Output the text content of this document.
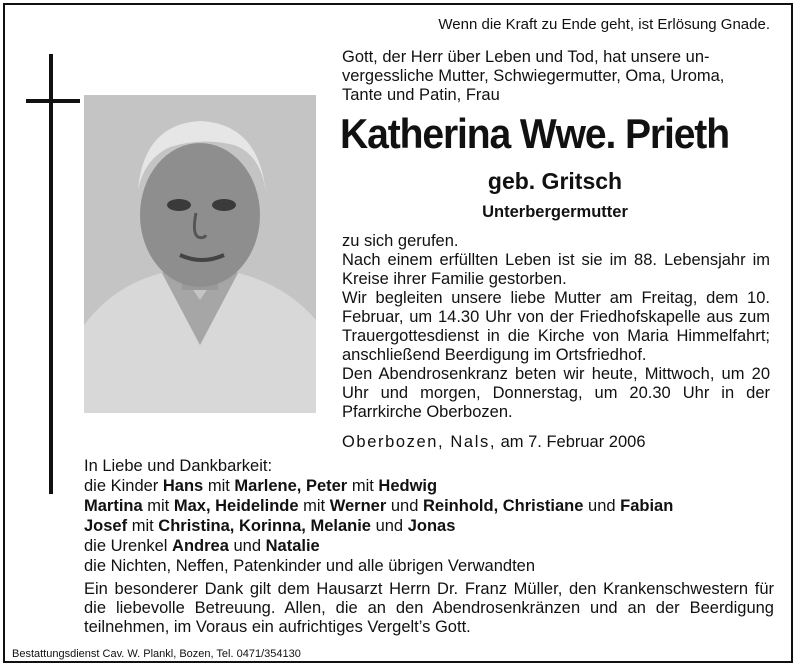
Wenn die Kraft zu Ende geht, ist Erlösung Gnade.
Gott, der Herr über Leben und Tod, hat unsere un-
vergessliche Mutter, Schwiegermutter, Oma, Uroma,
Tante und Patin, Frau
Katherina Wwe. Prieth
geb. Gritsch
Unterbergermutter

zu sich gerufen.

Nach einem erfüllten Leben ist sie im 88. Lebensjahr im Kreise ihrer Familie gestorben.

Wir begleiten unsere liebe Mutter am Freitag, dem 10. Februar, um 14.30 Uhr von der Friedhofskapelle aus zum Trauergottesdienst in die Kirche von Maria Himmelfahrt; anschließend Beerdigung im Ortsfriedhof.

Den Abendrosenkranz beten wir heute, Mittwoch, um 20 Uhr und morgen, Donnerstag, um 20.30 Uhr in der Pfarrkirche Oberbozen.

Oberbozen, Nals, am 7. Februar 2006
In Liebe und Dankbarkeit:
die Kinder Hans mit Marlene, Peter mit Hedwig
Martina mit Max, Heidelinde mit Werner und Reinhold, Christiane und Fabian
Josef mit Christina, Korinna, Melanie und Jonas
die Urenkel Andrea und Natalie
die Nichten, Neffen, Patenkinder und alle übrigen Verwandten
Ein besonderer Dank gilt dem Hausarzt Herrn Dr. Franz Müller, den Krankenschwestern für die liebevolle Betreuung. Allen, die an den Abendrosenkränzen und an der Beerdigung teilnehmen, im Voraus ein aufrichtiges Vergelt’s Gott.
Bestattungsdienst Cav. W. Plankl, Bozen, Tel. 0471/354130
